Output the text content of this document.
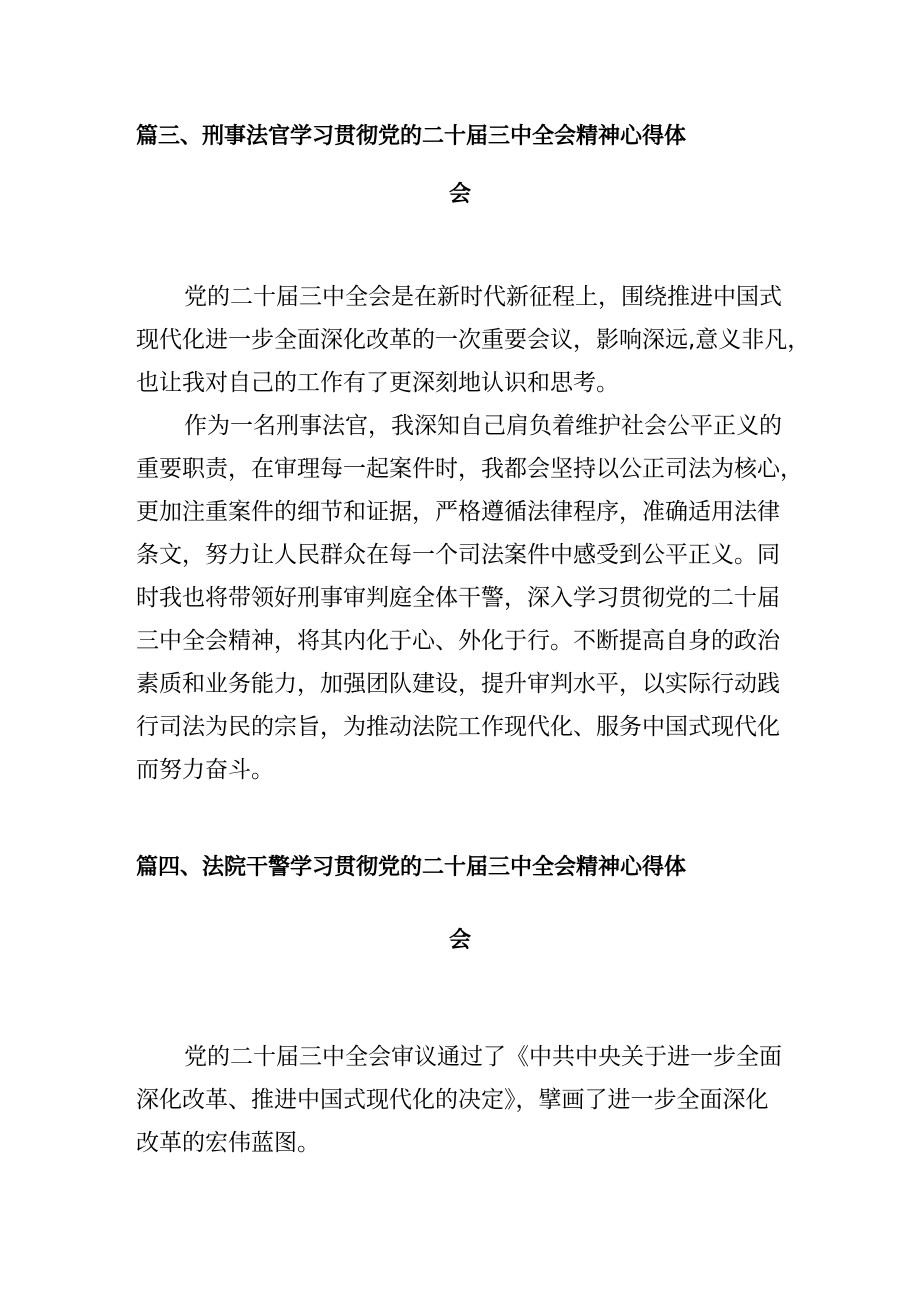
篇三、刑事法官学习贯彻党的二十届三中全会精神心得体
会
党的二十届三中全会是在新时代新征程上，围绕推进中国式
现代化进一步全面深化改革的一次重要会议，影响深远,意义非凡，
也让我对自己的工作有了更深刻地认识和思考。
作为一名刑事法官，我深知自己肩负着维护社会公平正义的
重要职责，在审理每一起案件时，我都会坚持以公正司法为核心，
更加注重案件的细节和证据，严格遵循法律程序，准确适用法律
条文，努力让人民群众在每一个司法案件中感受到公平正义。同
时我也将带领好刑事审判庭全体干警，深入学习贯彻党的二十届
三中全会精神，将其内化于心、外化于行。不断提高自身的政治
素质和业务能力，加强团队建设，提升审判水平，以实际行动践
行司法为民的宗旨，为推动法院工作现代化、服务中国式现代化
而努力奋斗。
篇四、法院干警学习贯彻党的二十届三中全会精神心得体
会
党的二十届三中全会审议通过了《中共中央关于进一步全面
深化改革、推进中国式现代化的决定》，擘画了进一步全面深化
改革的宏伟蓝图。
